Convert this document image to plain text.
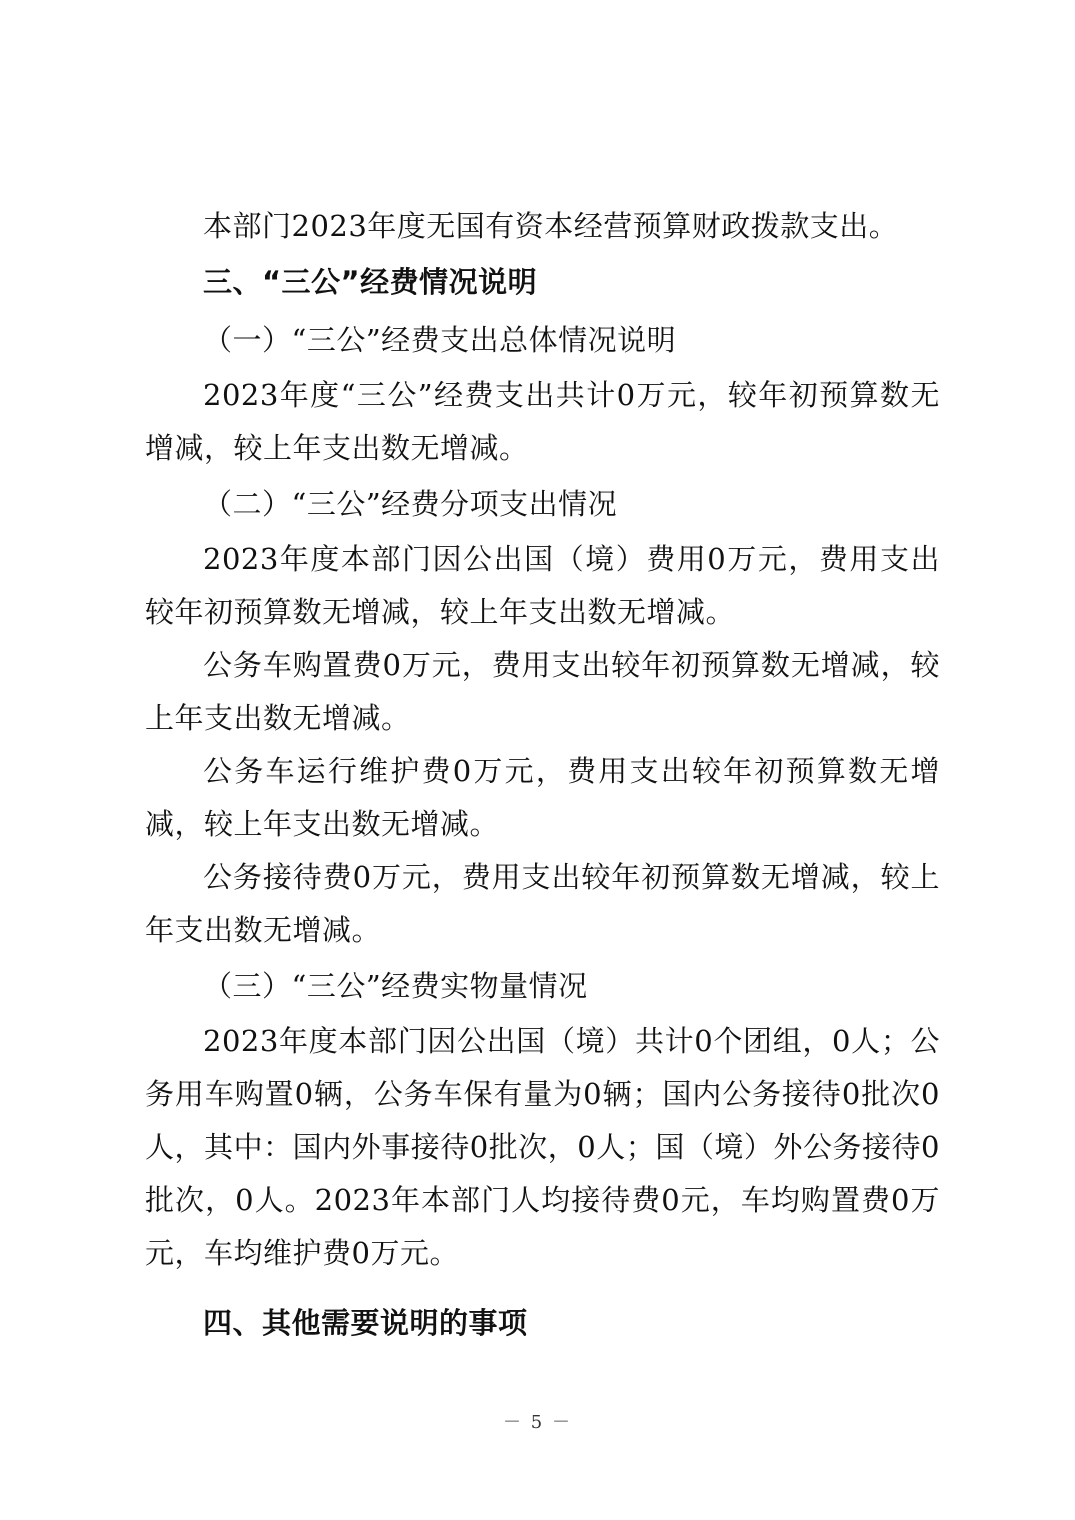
本部门2023年度无国有资本经营预算财政拨款支出。

三、“三公”经费情况说明

（一）“三公”经费支出总体情况说明

2023年度“三公”经费支出共计0万元，较年初预算数无增减，较上年支出数无增减。

（二）“三公”经费分项支出情况

2023年度本部门因公出国（境）费用0万元，费用支出较年初预算数无增减，较上年支出数无增减。

公务车购置费0万元，费用支出较年初预算数无增减，较上年支出数无增减。

公务车运行维护费0万元，费用支出较年初预算数无增减，较上年支出数无增减。

公务接待费0万元，费用支出较年初预算数无增减，较上年支出数无增减。

（三）“三公”经费实物量情况

2023年度本部门因公出国（境）共计0个团组，0人；公务用车购置0辆，公务车保有量为0辆；国内公务接待0批次0人，其中：国内外事接待0批次，0人；国（境）外公务接待0批次，0人。2023年本部门人均接待费0元，车均购置费0万元，车均维护费0万元。

四、其他需要说明的事项

－ 5 －
